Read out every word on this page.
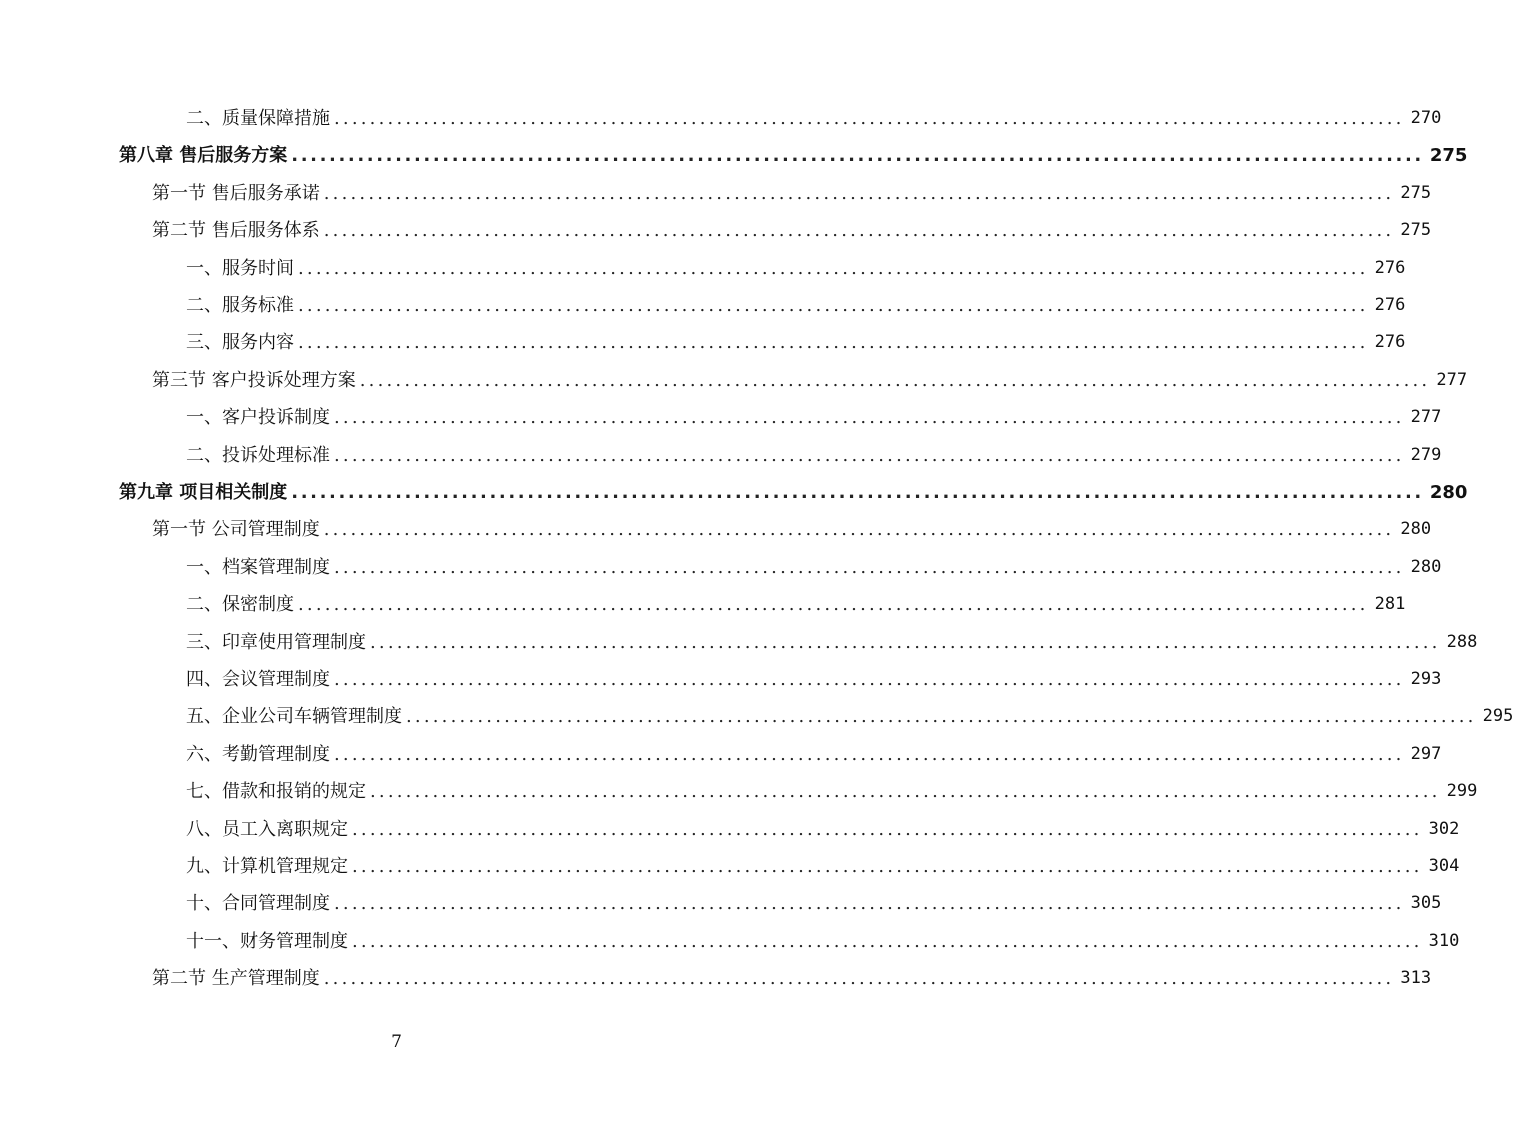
二、质量保障措施 ........................................................................................................................ 270
第八章 售后服务方案 ........................................................................................................................ 275
第一节 售后服务承诺 ........................................................................................................................ 275
第二节 售后服务体系 ........................................................................................................................ 275
一、服务时间 ........................................................................................................................ 276
二、服务标准 ........................................................................................................................ 276
三、服务内容 ........................................................................................................................ 276
第三节 客户投诉处理方案 ........................................................................................................................ 277
一、客户投诉制度 ........................................................................................................................ 277
二、投诉处理标准 ........................................................................................................................ 279
第九章 项目相关制度 ........................................................................................................................ 280
第一节 公司管理制度 ........................................................................................................................ 280
一、档案管理制度 ........................................................................................................................ 280
二、保密制度 ........................................................................................................................ 281
三、印章使用管理制度 ........................................................................................................................ 288
四、会议管理制度 ........................................................................................................................ 293
五、企业公司车辆管理制度 ........................................................................................................................ 295
六、考勤管理制度 ........................................................................................................................ 297
七、借款和报销的规定 ........................................................................................................................ 299
八、员工入离职规定 ........................................................................................................................ 302
九、计算机管理规定 ........................................................................................................................ 304
十、合同管理制度 ........................................................................................................................ 305
十一、财务管理制度 ........................................................................................................................ 310
第二节 生产管理制度 ........................................................................................................................ 313
7
